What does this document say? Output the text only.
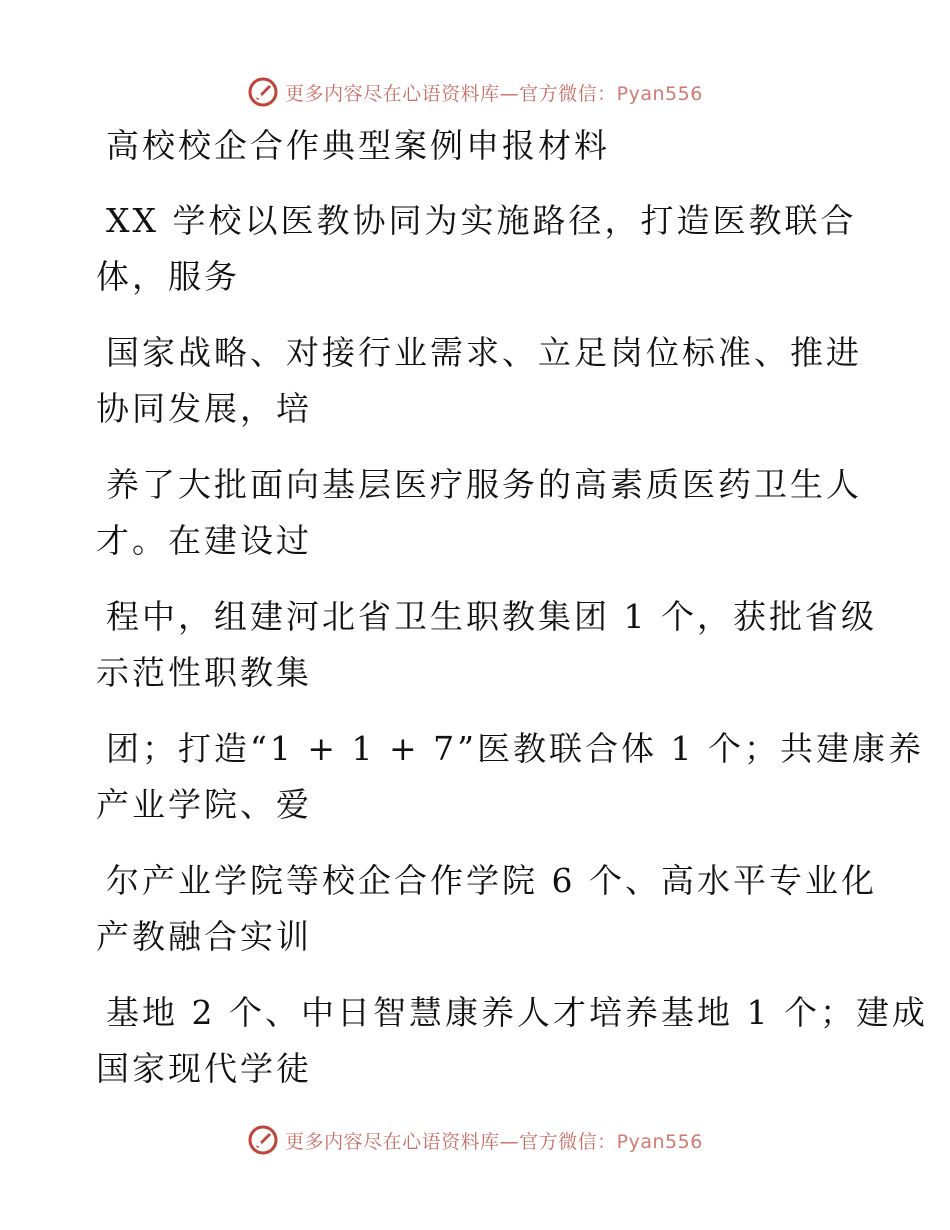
更多内容尽在心语资料库—官方微信：Pyan556
高校校企合作典型案例申报材料
XX 学校以医教协同为实施路径，打造医教联合
体，服务
国家战略、对接行业需求、立足岗位标准、推进
协同发展，培
养了大批面向基层医疗服务的高素质医药卫生人
才。在建设过
程中，组建河北省卫生职教集团 1 个，获批省级
示范性职教集
团；打造“1 + 1 + 7”医教联合体 1 个；共建康养
产业学院、爱
尔产业学院等校企合作学院 6 个、高水平专业化
产教融合实训
基地 2 个、中日智慧康养人才培养基地 1 个；建成
国家现代学徒
更多内容尽在心语资料库—官方微信：Pyan556
